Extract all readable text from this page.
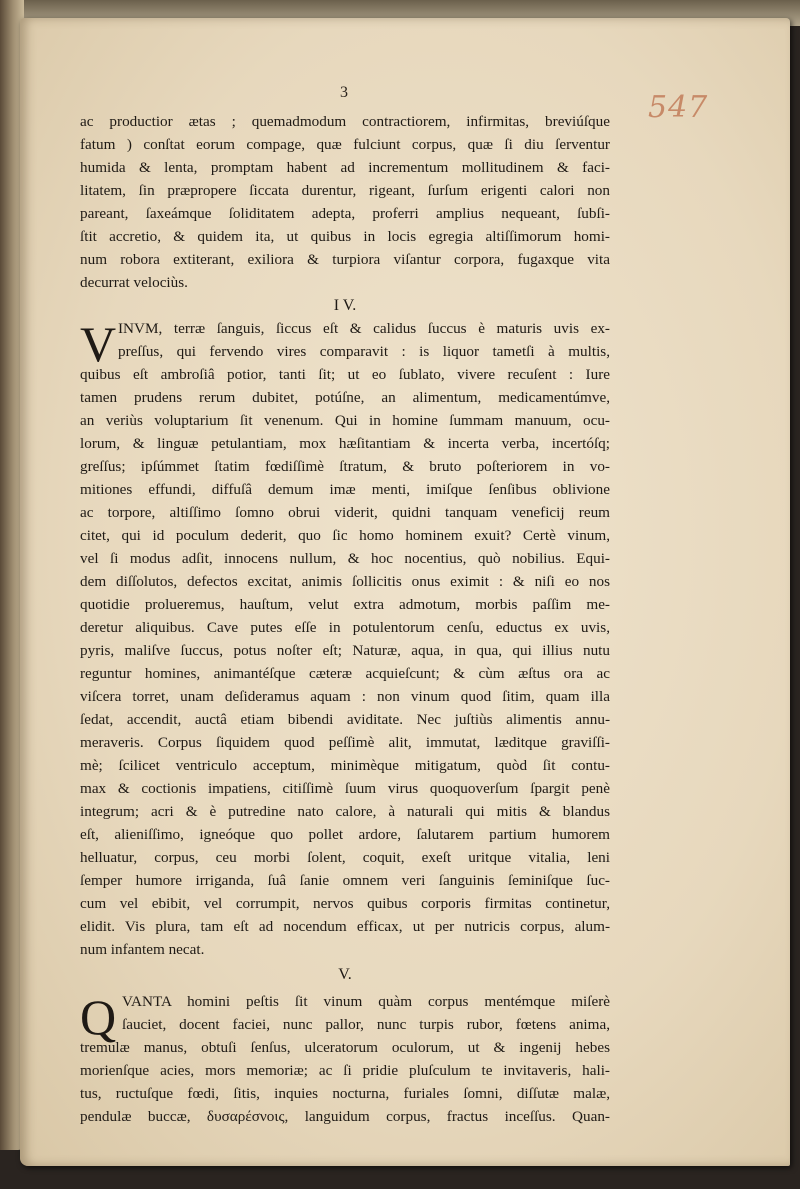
3	547
ac productior ætas ; quemadmodum contractiorem, infirmitas, breviúſque
fatum ) conſtat eorum compage, quæ fulciunt corpus, quæ ſi diu ſerventur
humida & lenta, promptam habent ad incrementum mollitudinem & faci-
litatem, ſin præpropere ſiccata durentur, rigeant, ſurſum erigenti calori non
pareant, ſaxeámque ſoliditatem adepta, proferri amplius nequeant, ſubſi-
ſtit accretio, & quidem ita, ut quibus in locis egregia altiſſimorum homi-
num robora extiterant, exiliora & turpiora viſantur corpora, fugaxque vita
decurrat velociùs.
I V.
V INVM, terræ ſanguis, ſiccus eſt & calidus ſuccus è maturis uvis ex-
preſſus, qui fervendo vires comparavit : is liquor tametſi à multis,
quibus eſt ambroſiâ potior, tanti ſit; ut eo ſublato, vivere recuſent : Iure
tamen prudens rerum dubitet, potúſne, an alimentum, medicamentúmve,
an veriùs voluptarium ſit venenum. Qui in homine ſummam manuum, ocu-
lorum, & linguæ petulantiam, mox hæſitantiam & incerta verba, incertóſq;
greſſus; ipſúmmet ſtatim fœdiſſimè ſtratum, & bruto poſteriorem in vo-
mitiones effundi, diffuſâ demum imæ menti, imiſque ſenſibus oblivione
ac torpore, altiſſimo ſomno obrui viderit, quidni tanquam veneficij reum
citet, qui id poculum dederit, quo ſic homo hominem exuit? Certè vinum,
vel ſi modus adſit, innocens nullum, & hoc nocentius, quò nobilius. Equi-
dem diſſolutos, defectos excitat, animis ſollicitis onus eximit : & niſi eo nos
quotidie prolueremus, hauſtum, velut extra admotum, morbis paſſim me-
deretur aliquibus. Cave putes eſſe in potulentorum cenſu, eductus ex uvis,
pyris, maliſve ſuccus, potus noſter eſt; Naturæ, aqua, in qua, qui illius nutu
reguntur homines, animantéſque cæteræ acquieſcunt; & cùm æſtus ora ac
viſcera torret, unam deſideramus aquam : non vinum quod ſitim, quam illa
ſedat, accendit, auctâ etiam bibendi aviditate. Nec juſtiùs alimentis annu-
meraveris. Corpus ſiquidem quod peſſimè alit, immutat, læditque graviſſi-
mè; ſcilicet ventriculo acceptum, minimèque mitigatum, quòd ſit contu-
max & coctionis impatiens, citiſſimè ſuum virus quoquoverſum ſpargit penè
integrum; acri & è putredine nato calore, à naturali qui mitis & blandus
eſt, alieniſſimo, igneóque quo pollet ardore, ſalutarem partium humorem
helluatur, corpus, ceu morbi ſolent, coquit, exeſt uritque vitalia, leni
ſemper humore irriganda, ſuâ ſanie omnem veri ſanguinis ſeminiſque ſuc-
cum vel ebibit, vel corrumpit, nervos quibus corporis firmitas continetur,
elidit. Vis plura, tam eſt ad nocendum efficax, ut per nutricis corpus, alum-
num infantem necat.
V.
Q VANTA homini peſtis ſit vinum quàm corpus mentémque miſerè
ſauciet, docent faciei, nunc pallor, nunc turpis rubor, fœtens anima,
tremulæ manus, obtuſi ſenſus, ulceratorum oculorum, ut & ingenij hebes
morienſque acies, mors memoriæ; ac ſi pridie pluſculum te invitaveris, hali-
tus, ructuſque fœdi, ſitis, inquies nocturna, furiales ſomni, diſſutæ malæ,
pendulæ buccæ, δυσαρέσνοις, languidum corpus, fractus inceſſus. Quan-
